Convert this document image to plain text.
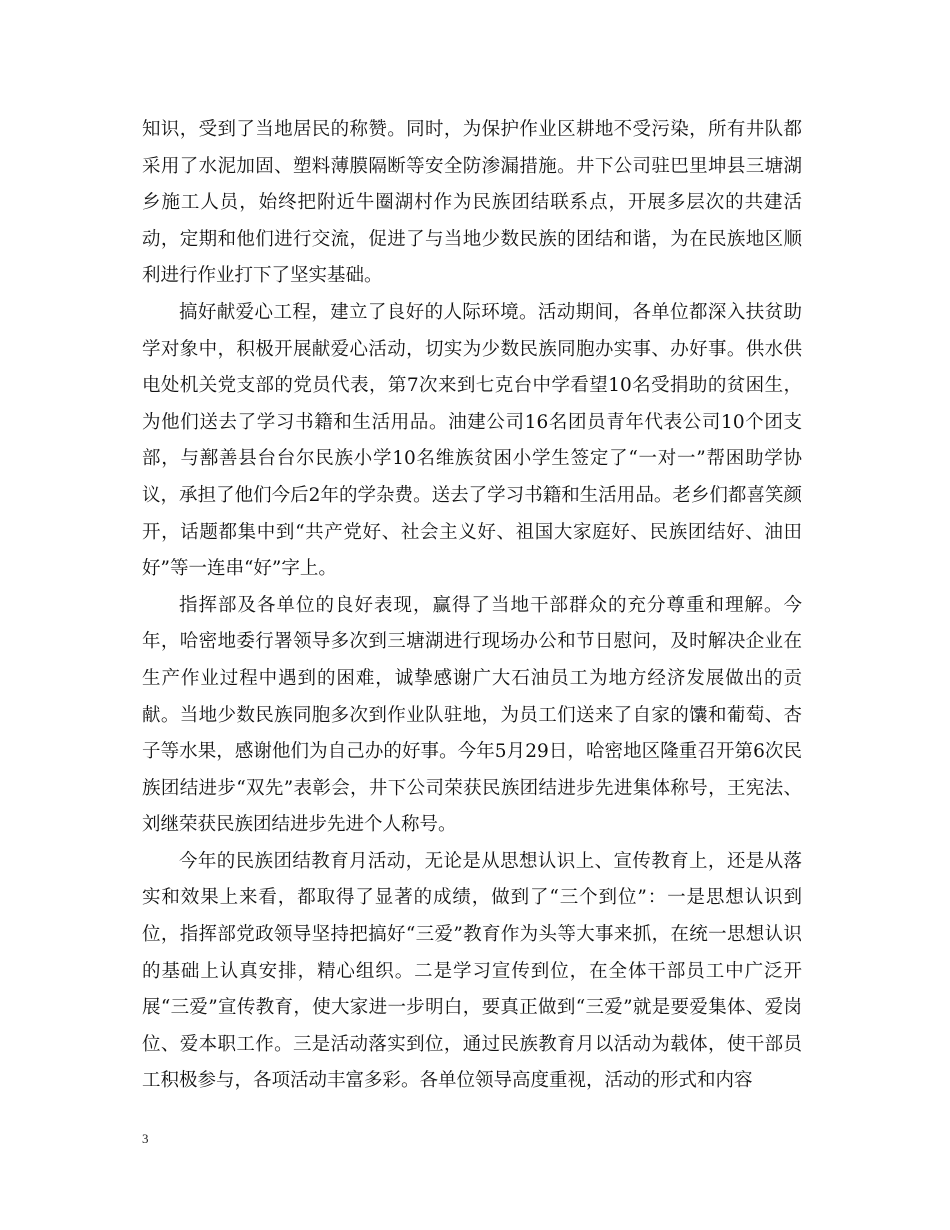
知识，受到了当地居民的称赞。同时，为保护作业区耕地不受污染，所有井队都采用了水泥加固、塑料薄膜隔断等安全防渗漏措施。井下公司驻巴里坤县三塘湖乡施工人员，始终把附近牛圈湖村作为民族团结联系点，开展多层次的共建活动，定期和他们进行交流，促进了与当地少数民族的团结和谐，为在民族地区顺利进行作业打下了坚实基础。

搞好献爱心工程，建立了良好的人际环境。活动期间，各单位都深入扶贫助学对象中，积极开展献爱心活动，切实为少数民族同胞办实事、办好事。供水供电处机关党支部的党员代表，第7次来到七克台中学看望10名受捐助的贫困生，为他们送去了学习书籍和生活用品。油建公司16名团员青年代表公司10个团支部，与鄯善县台台尔民族小学10名维族贫困小学生签定了“一对一”帮困助学协议，承担了他们今后2年的学杂费。送去了学习书籍和生活用品。老乡们都喜笑颜开，话题都集中到“共产党好、社会主义好、祖国大家庭好、民族团结好、油田好”等一连串“好”字上。

指挥部及各单位的良好表现，赢得了当地干部群众的充分尊重和理解。今年，哈密地委行署领导多次到三塘湖进行现场办公和节日慰问，及时解决企业在生产作业过程中遇到的困难，诚挚感谢广大石油员工为地方经济发展做出的贡献。当地少数民族同胞多次到作业队驻地，为员工们送来了自家的馕和葡萄、杏子等水果，感谢他们为自己办的好事。今年5月29日，哈密地区隆重召开第6次民族团结进步“双先”表彰会，井下公司荣获民族团结进步先进集体称号，王宪法、刘继荣获民族团结进步先进个人称号。

今年的民族团结教育月活动，无论是从思想认识上、宣传教育上，还是从落实和效果上来看，都取得了显著的成绩，做到了“三个到位”：一是思想认识到位，指挥部党政领导坚持把搞好“三爱”教育作为头等大事来抓，在统一思想认识的基础上认真安排，精心组织。二是学习宣传到位，在全体干部员工中广泛开展“三爱”宣传教育，使大家进一步明白，要真正做到“三爱”就是要爱集体、爱岗位、爱本职工作。三是活动落实到位，通过民族教育月以活动为载体，使干部员工积极参与，各项活动丰富多彩。各单位领导高度重视，活动的形式和内容

3
